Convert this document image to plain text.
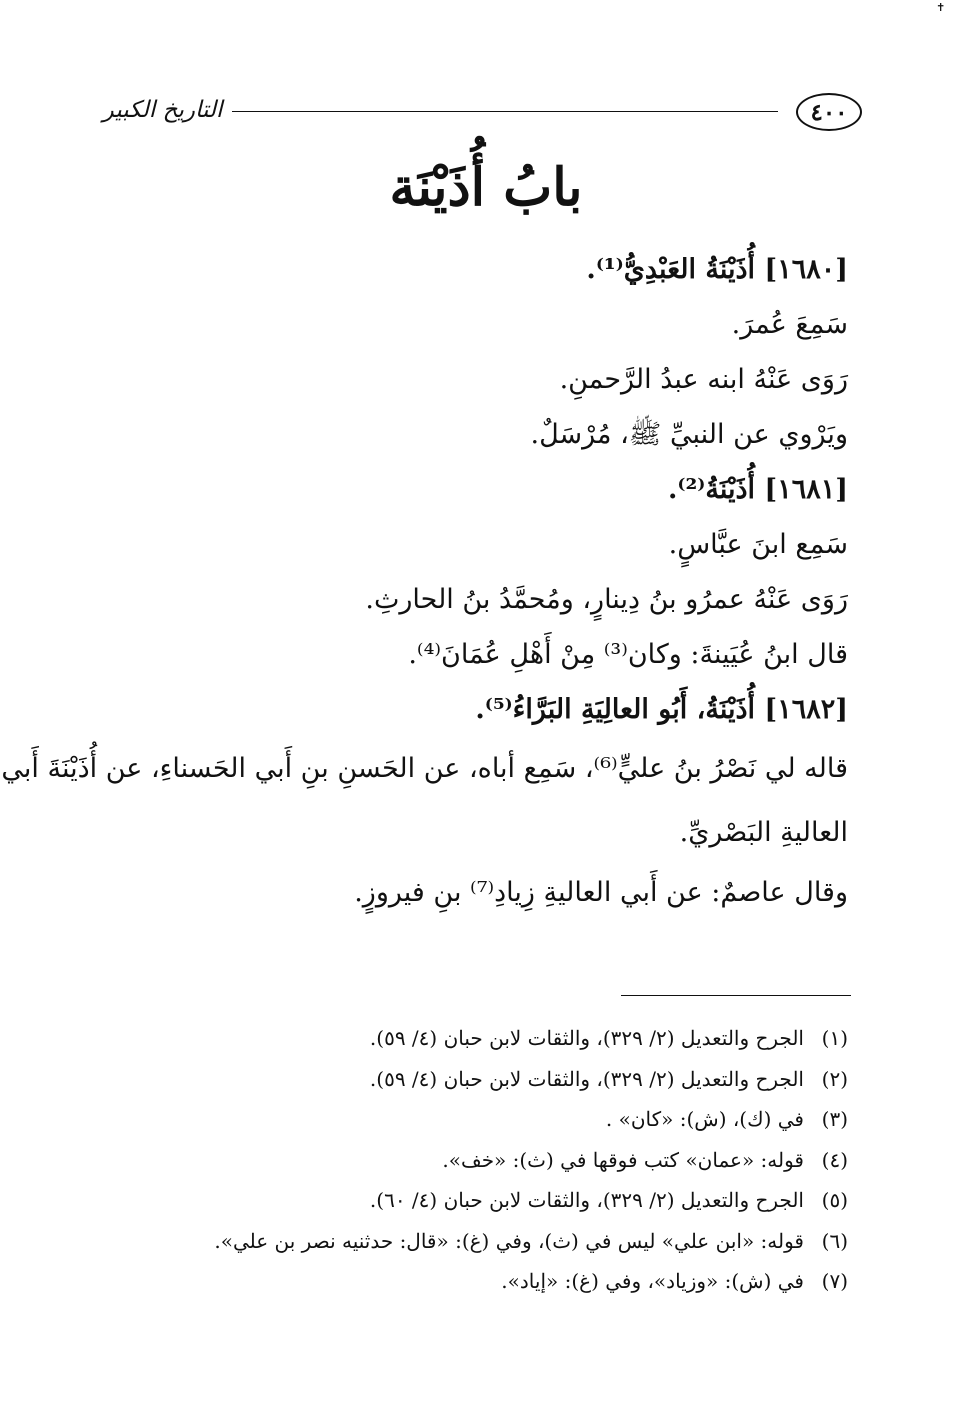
✝
٤٠٠
التاريخ الكبير
بابُ أُذَيْنَة
[١٦٨٠] أُذَيْنَةُ العَبْدِيُّ⁽¹⁾.
سَمِعَ عُمرَ.
رَوَى عَنْهُ ابنه عبدُ الرَّحمنِ.
ويَرْوي عن النبيِّ ﷺ، مُرْسَلٌ.
[١٦٨١] أُذَيْنَةُ⁽²⁾.
سَمِع ابنَ عبَّاسٍ.
رَوَى عَنْهُ عمرُو بنُ دِينارٍ، ومُحمَّدُ بنُ الحارثِ.
قال ابنُ عُيَينةَ: وكان⁽³⁾ مِنْ أَهْلِ عُمَانَ⁽⁴⁾.
[١٦٨٢] أُذَيْنَةُ، أَبُو العالِيَةِ البَرَّاءُ⁽⁵⁾.
قاله لي نَصْرُ بنُ عليٍّ⁽⁶⁾، سَمِع أباه، عن الحَسنِ بنِ أَبي الحَسناءِ، عن أُذَيْنَةَ أَبي
العاليةِ البَصْريِّ.
وقال عاصمٌ: عن أَبي العاليةِ زِيادِ⁽⁷⁾ بنِ فيروزٍ.
(١)
الجرح والتعديل (٢/ ٣٢٩)، والثقات لابن حبان (٤/ ٥٩).
(٢)
الجرح والتعديل (٢/ ٣٢٩)، والثقات لابن حبان (٤/ ٥٩).
(٣)
في (ك)، (ش): «كان» .
(٤)
قوله: «عمان» كتب فوقها في (ث): «خف».
(٥)
الجرح والتعديل (٢/ ٣٢٩)، والثقات لابن حبان (٤/ ٦٠).
(٦)
قوله: «ابن علي» ليس في (ث)، وفي (غ): «قال: حدثنيه نصر بن علي».
(٧)
في (ش): «وزياد»، وفي (غ): «إياد».
